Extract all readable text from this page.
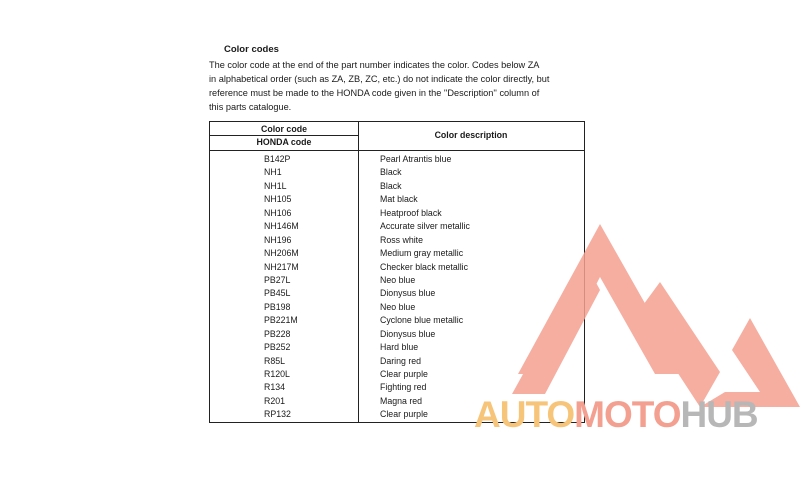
Color codes
The color code at the end of the part number indicates the color. Codes below ZA
in alphabetical order (such as ZA, ZB, ZC, etc.) do not indicate the color directly, but
reference must be made to the HONDA code given in the ''Description'' column of
this parts catalogue.
Color code
HONDA code
Color description
B142P	Pearl Atrantis blue
NH1	Black
NH1L	Black
NH105	Mat black
NH106	Heatproof black
NH146M	Accurate silver metallic
NH196	Ross white
NH206M	Medium gray metallic
NH217M	Checker black metallic
PB27L	Neo blue
PB45L	Dionysus blue
PB198	Neo blue
PB221M	Cyclone blue metallic
PB228	Dionysus blue
PB252	Hard blue
R85L	Daring red
R120L	Clear purple
R134	Fighting red
R201	Magna red
RP132	Clear purple AUTOMOTOHUB
